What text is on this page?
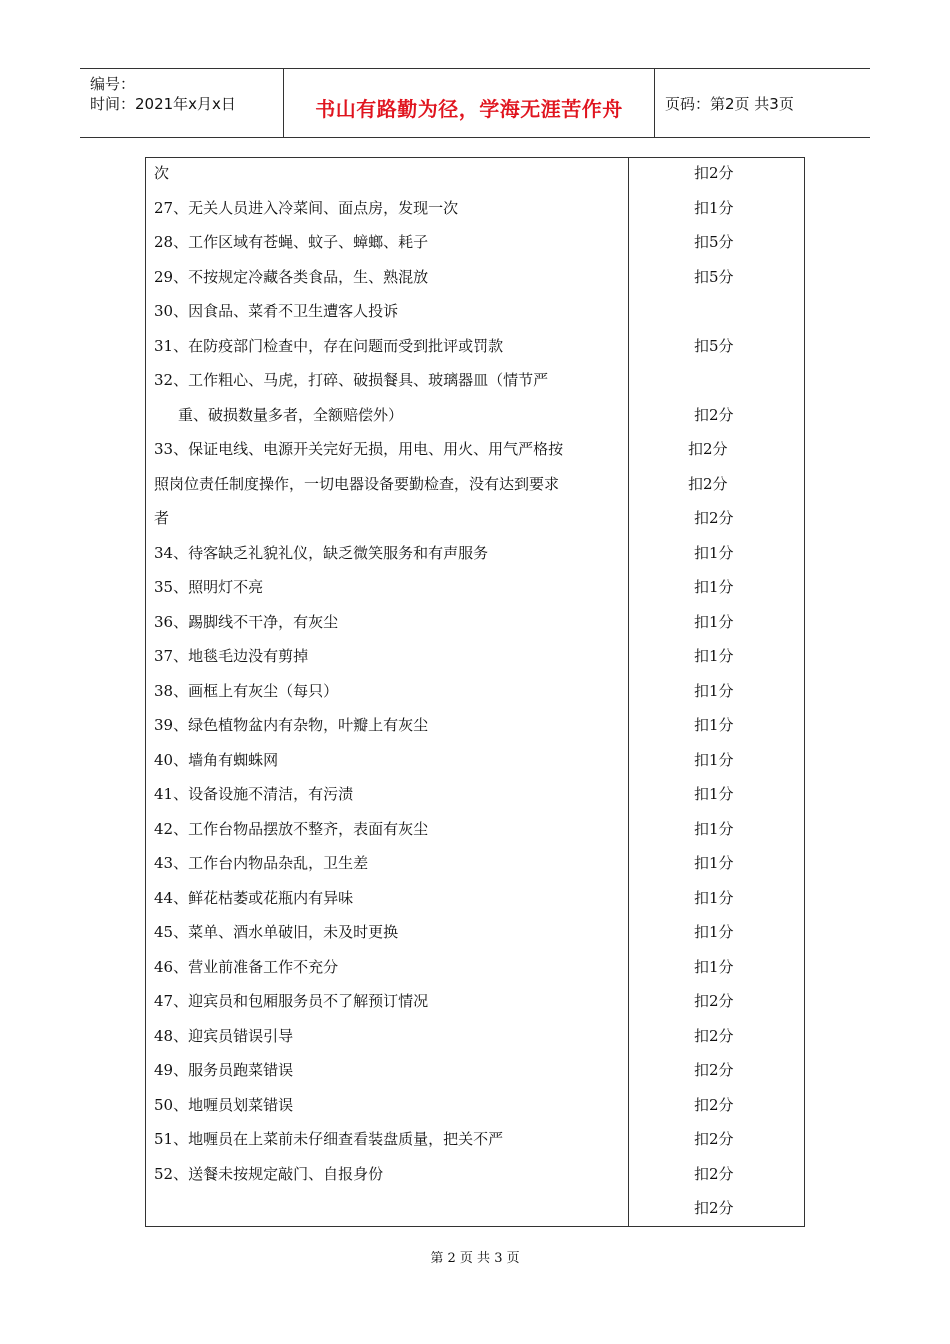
编号：
时间：2021年x月x日	书山有路勤为径，学海无涯苦作舟	页码：第2页 共3页
次
27、无关人员进入冷菜间、面点房，发现一次
28、工作区域有苍蝇、蚊子、蟑螂、耗子
29、不按规定冷藏各类食品，生、熟混放
30、因食品、菜肴不卫生遭客人投诉
31、在防疫部门检查中，存在问题而受到批评或罚款
32、工作粗心、马虎，打碎、破损餐具、玻璃器皿（情节严
重、破损数量多者，全额赔偿外）
33、保证电线、电源开关完好无损，用电、用火、用气严格按
照岗位责任制度操作，一切电器设备要勤检查，没有达到要求
者
34、待客缺乏礼貌礼仪，缺乏微笑服务和有声服务
35、照明灯不亮
36、踢脚线不干净，有灰尘
37、地毯毛边没有剪掉
38、画框上有灰尘（每只）
39、绿色植物盆内有杂物，叶瓣上有灰尘
40、墙角有蜘蛛网
41、设备设施不清洁，有污渍
42、工作台物品摆放不整齐，表面有灰尘
43、工作台内物品杂乱，卫生差
44、鲜花枯萎或花瓶内有异味
45、菜单、酒水单破旧，未及时更换
46、营业前准备工作不充分
47、迎宾员和包厢服务员不了解预订情况
48、迎宾员错误引导
49、服务员跑菜错误
50、地喱员划菜错误
51、地喱员在上菜前未仔细查看装盘质量，把关不严
52、送餐未按规定敲门、自报身份
扣2分
扣1分
扣5分
扣5分
扣5分
扣2分
扣2分
扣2分
扣2分
扣1分
扣1分
扣1分
扣1分
扣1分
扣1分
扣1分
扣1分
扣1分
扣1分
扣1分
扣1分
扣1分
扣2分
扣2分
扣2分
扣2分
扣2分
扣2分
扣2分
第 2 页 共 3 页
